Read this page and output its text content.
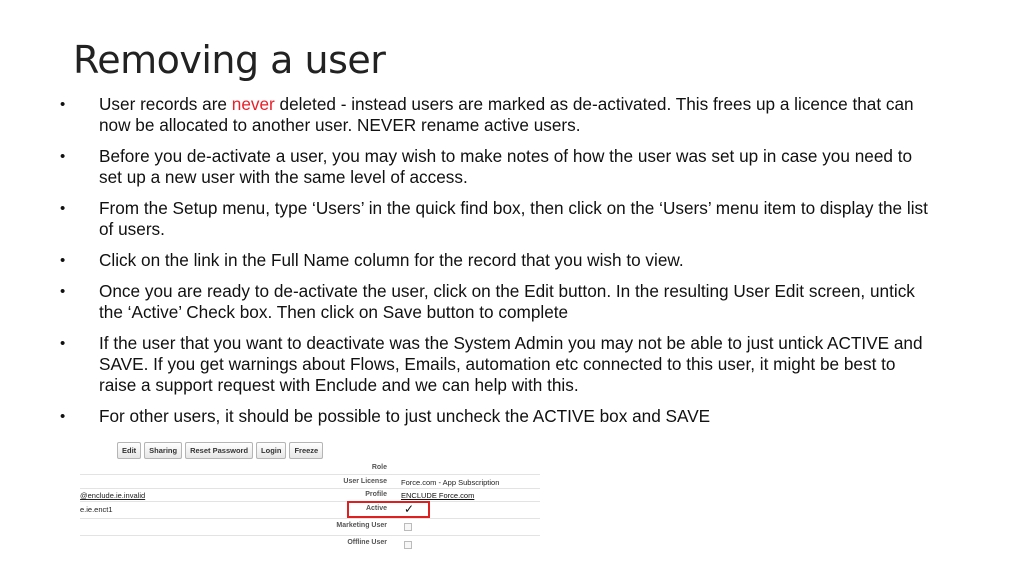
Removing a user
• User records are never deleted - instead users are marked as de-activated. This frees up a licence that can now be allocated to another user. NEVER rename active users.
• Before you de-activate a user, you may wish to make notes of how the user was set up in case you need to set up a new user with the same level of access.
• From the Setup menu, type ‘Users’ in the quick find box, then click on the ‘Users’ menu item to display the list of users.
• Click on the link in the Full Name column for the record that you wish to view.
• Once you are ready to de-activate the user, click on the Edit button. In the resulting User Edit screen, untick the ‘Active’ Check box. Then click on Save button to complete
• If the user that you want to deactivate was the System Admin you may not be able to just untick ACTIVE and SAVE. If you get warnings about Flows, Emails, automation etc connected to this user, it might be best to raise a support request with Enclude and we can help with this.
• For other users, it should be possible to just uncheck the ACTIVE box and SAVE
Edit	Sharing	Reset Password	Login	Freeze
Role
User License Force.com - App Subscription
@enclude.ie.invalid	Profile ENCLUDE Force.com
e.ie.enct1	Active ✓
Marketing User
Offline User
